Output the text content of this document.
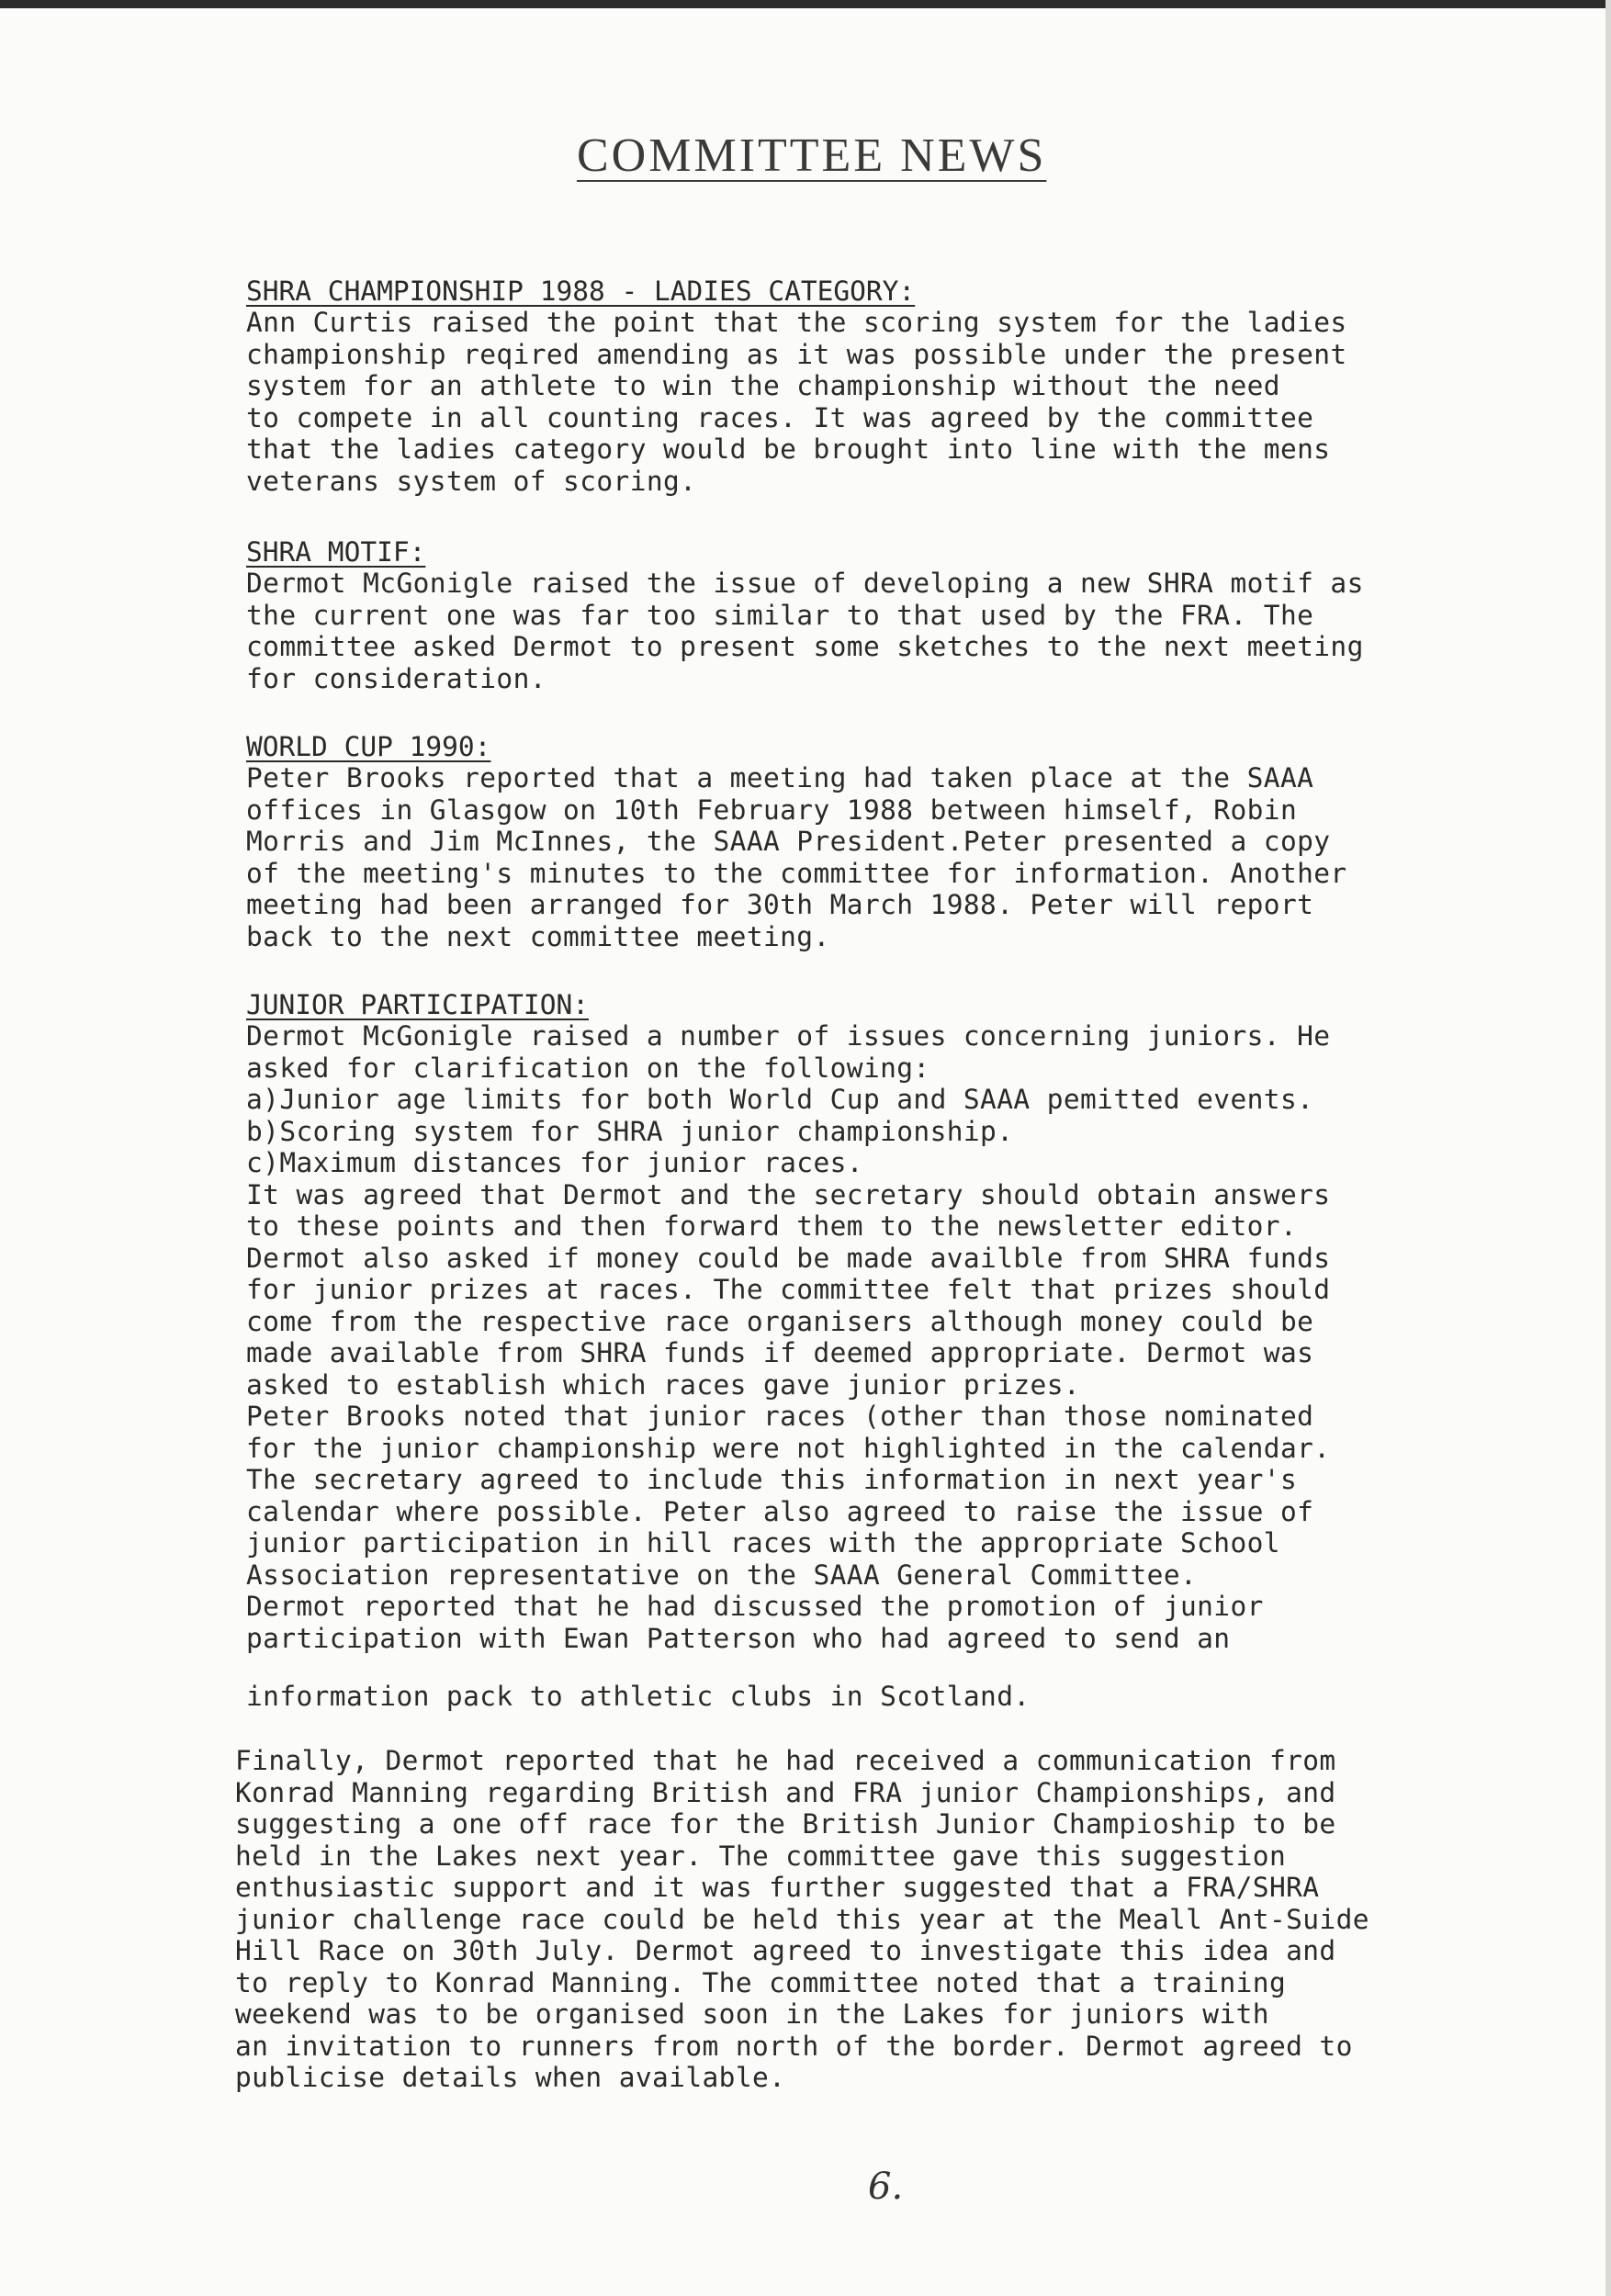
COMMITTEE NEWS
SHRA CHAMPIONSHIP 1988 - LADIES CATEGORY:
Ann Curtis raised the point that the scoring system for the ladies
championship reqired amending as it was possible under the present
system for an athlete to win the championship without the need
to compete in all counting races. It was agreed by the committee
that the ladies category would be brought into line with the mens
veterans system of scoring.
SHRA MOTIF:
Dermot McGonigle raised the issue of developing a new SHRA motif as
the current one was far too similar to that used by the FRA. The
committee asked Dermot to present some sketches to the next meeting
for consideration.
WORLD CUP 1990:
Peter Brooks reported that a meeting had taken place at the SAAA
offices in Glasgow on 10th February 1988 between himself, Robin
Morris and Jim McInnes, the SAAA President.Peter presented a copy
of the meeting's minutes to the committee for information. Another
meeting had been arranged for 30th March 1988. Peter will report
back to the next committee meeting.
JUNIOR PARTICIPATION:
Dermot McGonigle raised a number of issues concerning juniors. He
asked for clarification on the following:
a)Junior age limits for both World Cup and SAAA pemitted events.
b)Scoring system for SHRA junior championship.
c)Maximum distances for junior races.
It was agreed that Dermot and the secretary should obtain answers
to these points and then forward them to the newsletter editor.
Dermot also asked if money could be made availble from SHRA funds
for junior prizes at races. The committee felt that prizes should
come from the respective race organisers although money could be
made available from SHRA funds if deemed appropriate. Dermot was
asked to establish which races gave junior prizes.
Peter Brooks noted that junior races (other than those nominated
for the junior championship were not highlighted in the calendar.
The secretary agreed to include this information in next year's
calendar where possible. Peter also agreed to raise the issue of
junior participation in hill races with the appropriate School
Association representative on the SAAA General Committee.
Dermot reported that he had discussed the promotion of junior
participation with Ewan Patterson who had agreed to send an
information pack to athletic clubs in Scotland.
Finally, Dermot reported that he had received a communication from
Konrad Manning regarding British and FRA junior Championships, and
suggesting a one off race for the British Junior Champioship to be
held in the Lakes next year. The committee gave this suggestion
enthusiastic support and it was further suggested that a FRA/SHRA
junior challenge race could be held this year at the Meall Ant-Suide
Hill Race on 30th July. Dermot agreed to investigate this idea and
to reply to Konrad Manning. The committee noted that a training
weekend was to be organised soon in the Lakes for juniors with
an invitation to runners from north of the border. Dermot agreed to
publicise details when available.
6.
